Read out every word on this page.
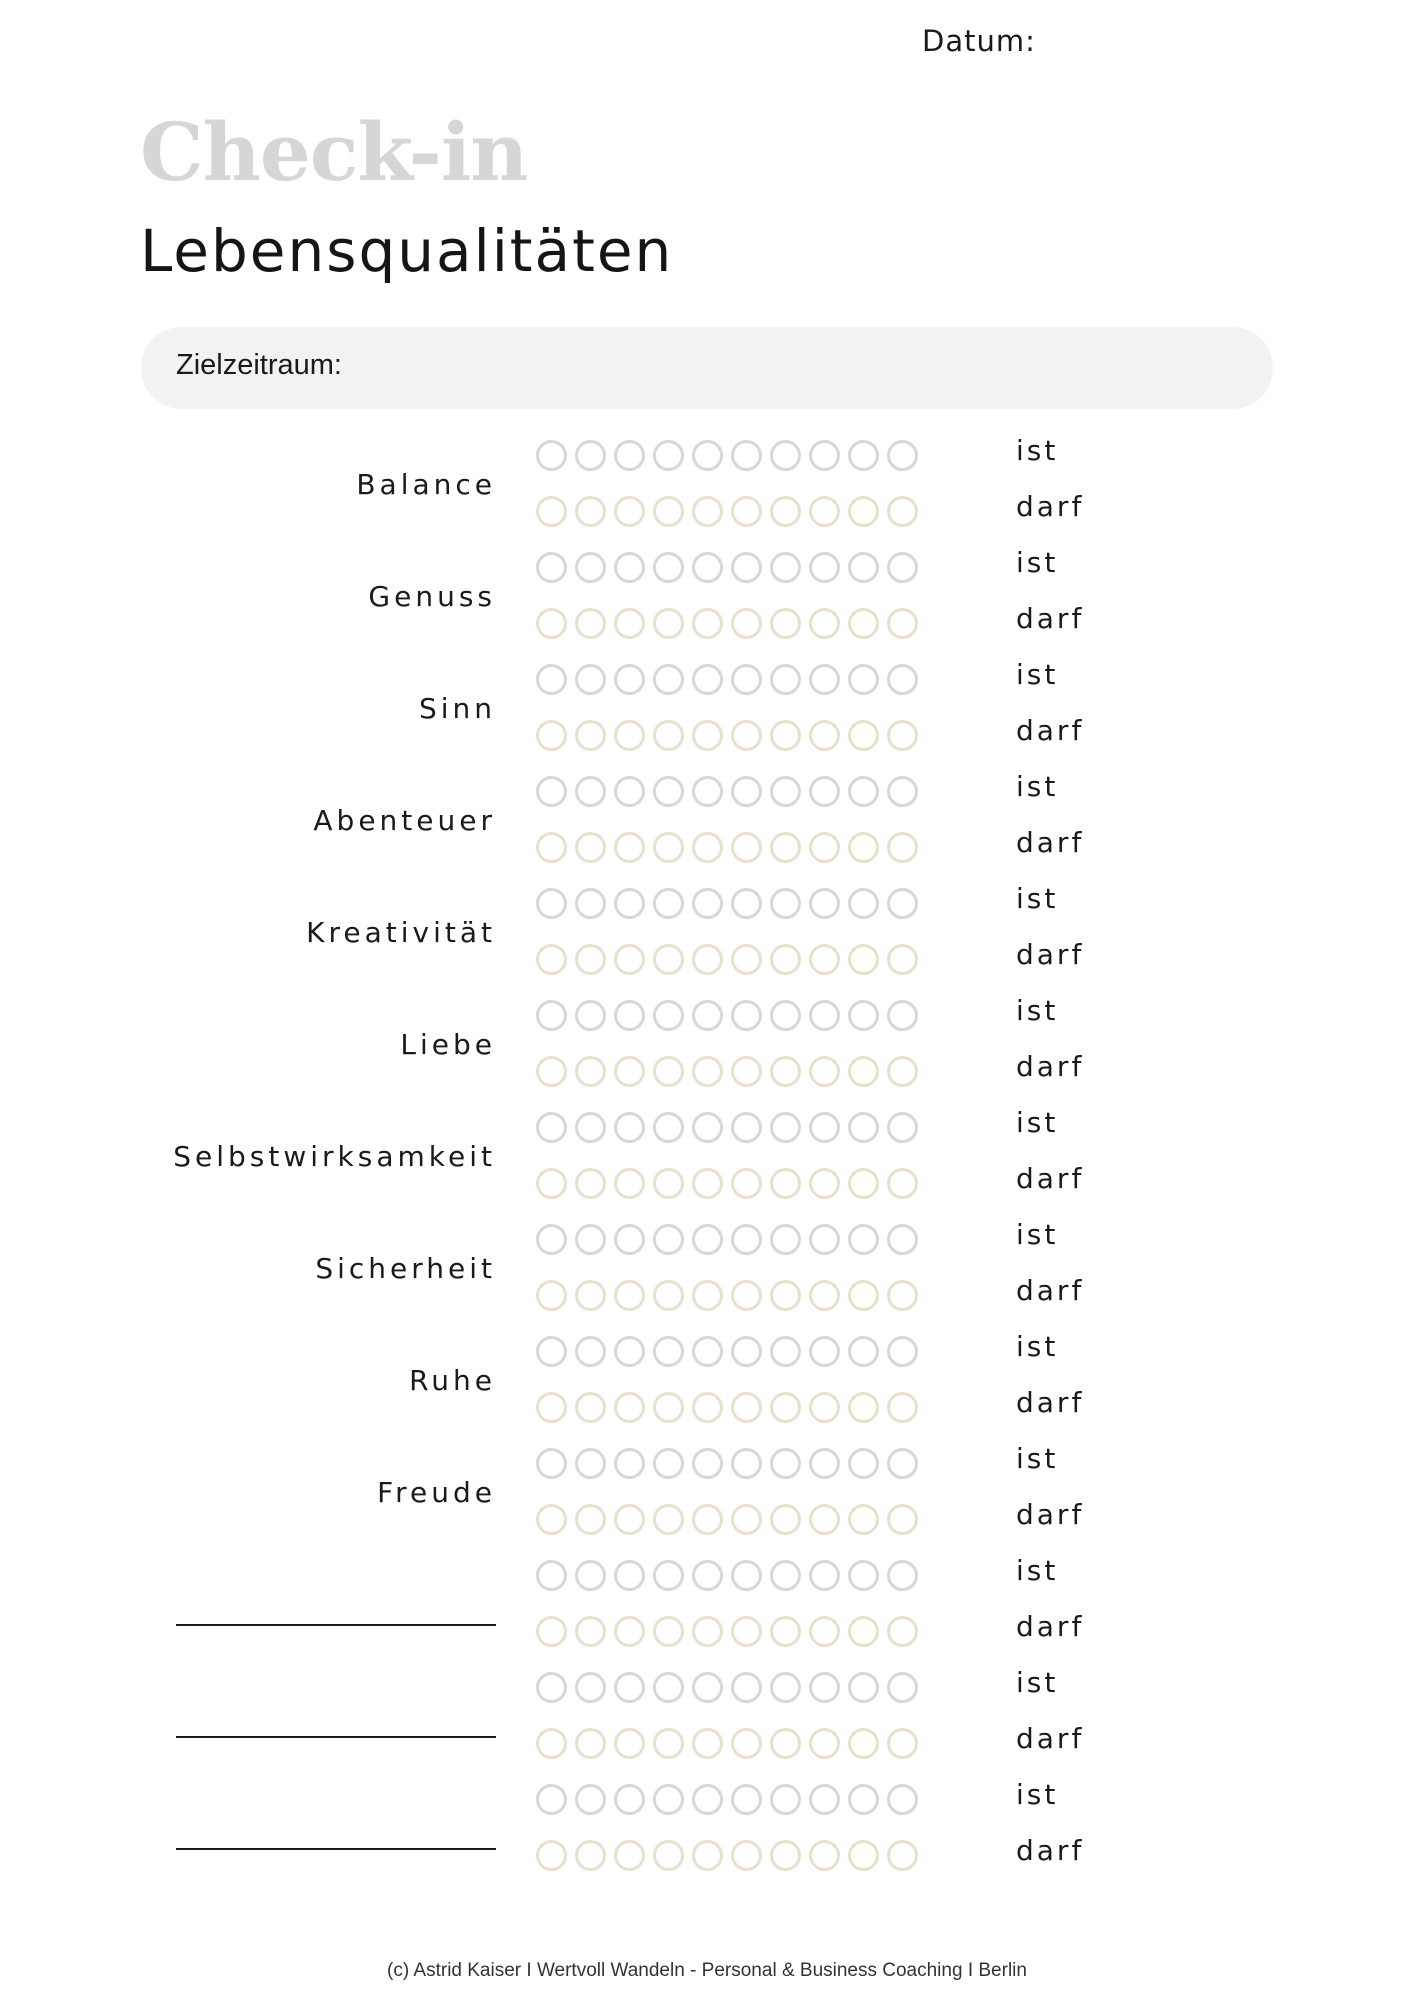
Datum:
Check-in
Lebensqualitäten
Zielzeitraum:
Balance
ist
darf
Genuss
ist
darf
Sinn
ist
darf
Abenteuer
ist
darf
Kreativität
ist
darf
Liebe
ist
darf
Selbstwirksamkeit
ist
darf
Sicherheit
ist
darf
Ruhe
ist
darf
Freude
ist
darf
ist
darf
ist
darf
ist
darf
(c) Astrid Kaiser I Wertvoll Wandeln - Personal & Business Coaching I Berlin
